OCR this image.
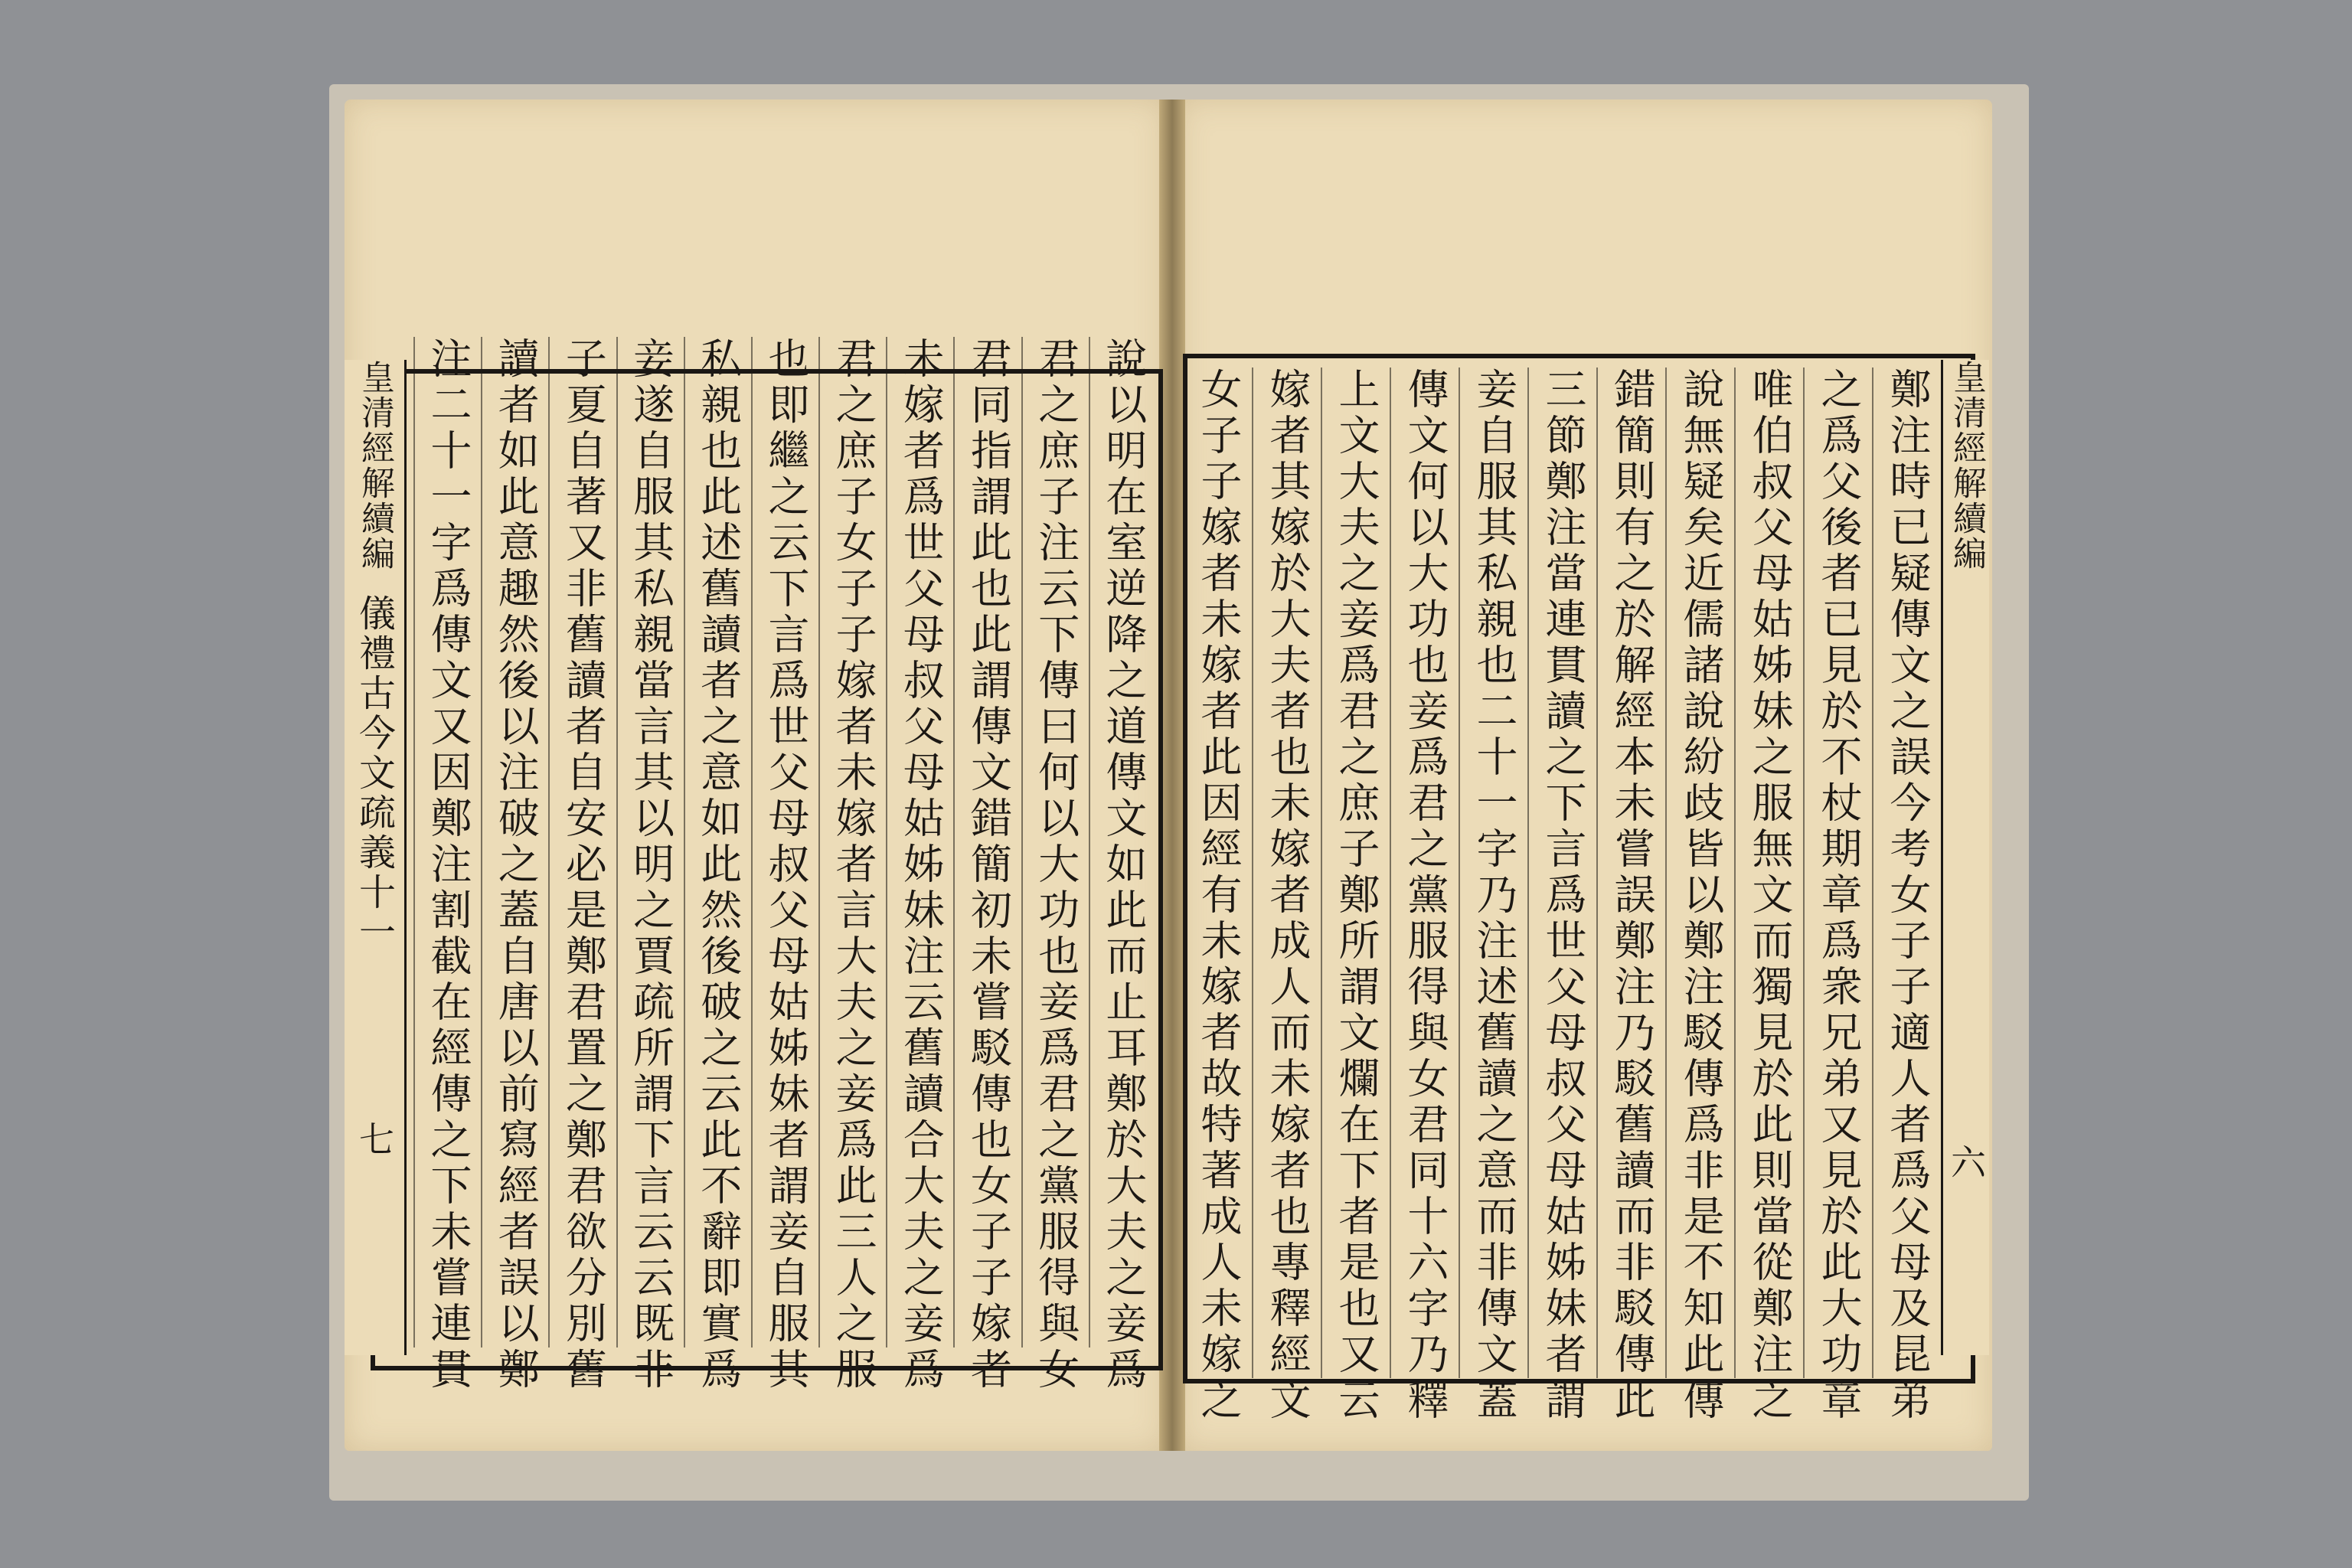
皇清經解續編
儀禮古今文疏義十一
七
皇清經解續編
六
說以明在室逆降之道傳文如此而止耳鄭於大夫之妾爲
君之庶子注云下傳曰何以大功也妾爲君之黨服得與女
君同指謂此也此謂傳文錯簡初未嘗駁傳也女子子嫁者
未嫁者爲世父母叔父母姑姊妹注云舊讀合大夫之妾爲
君之庶子女子子嫁者未嫁者言大夫之妾爲此三人之服
也即繼之云下言爲世父母叔父母姑姊妹者謂妾自服其
私親也此述舊讀者之意如此然後破之云此不辭即實爲
妾遂自服其私親當言其以明之賈疏所謂下言云云既非
子夏自著又非舊讀者自安必是鄭君置之鄭君欲分別舊
讀者如此意趣然後以注破之蓋自唐以前寫經者誤以鄭
注二十一字爲傳文又因鄭注割截在經傳之下未嘗連貫	鄭注時已疑傳文之誤今考女子子適人者爲父母及昆弟
之爲父後者已見於不杖期章爲衆兄弟又見於此大功章
唯伯叔父母姑姊妹之服無文而獨見於此則當從鄭注之
說無疑矣近儒諸說紛歧皆以鄭注駁傳爲非是不知此傳
錯簡則有之於解經本未嘗誤鄭注乃駁舊讀而非駁傳此
三節鄭注當連貫讀之下言爲世父母叔父母姑姊妹者謂
妾自服其私親也二十一字乃注述舊讀之意而非傳文蓋
傳文何以大功也妾爲君之黨服得與女君同十六字乃釋
上文大夫之妾爲君之庶子鄭所謂文爛在下者是也又云
嫁者其嫁於大夫者也未嫁者成人而未嫁者也專釋經文
女子子嫁者未嫁者此因經有未嫁者故特著成人未嫁之
